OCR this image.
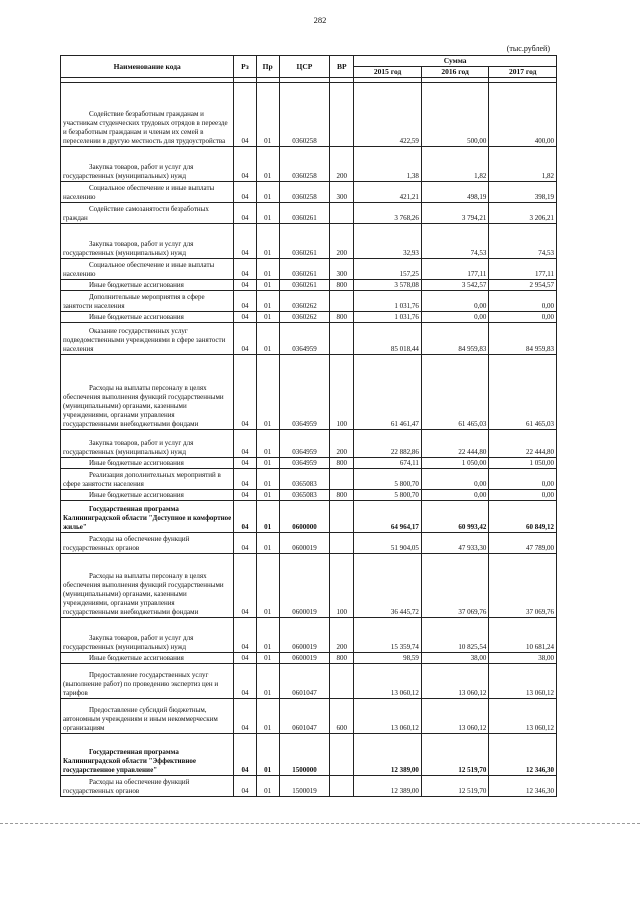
282
(тыс.рублей)
Наименование кода	Рз	Пр	ЦСР	ВР	Сумма		
					2015 год	2016 год	2017 год

Содействие безработным гражданам и участникам студенческих трудовых отрядов в переезде и безработным гражданам и членам их семей в переселении в другую местность для трудоустройства	04	01	0360258		422,59	500,00	400,00

Закупка товаров, работ и услуг для государственных (муниципальных) нужд	04	01	0360258	200	1,38	1,82	1,82

Социальное обеспечение и иные выплаты населению	04	01	0360258	300	421,21	498,19	398,19

Содействие самозанятости безработных граждан	04	01	0360261		3 768,26	3 794,21	3 206,21

Закупка товаров, работ и услуг для государственных (муниципальных) нужд	04	01	0360261	200	32,93	74,53	74,53

Социальное обеспечение и иные выплаты населению	04	01	0360261	300	157,25	177,11	177,11

Иные бюджетные ассигнования	04	01	0360261	800	3 578,08	3 542,57	2 954,57

Дополнительные мероприятия в сфере занятости населения	04	01	0360262		1 031,76	0,00	0,00

Иные бюджетные ассигнования	04	01	0360262	800	1 031,76	0,00	0,00

Оказание государственных услуг подведомственными учреждениями в сфере занятости населения	04	01	0364959		85 018,44	84 959,83	84 959,83

Расходы на выплаты персоналу в целях обеспечения выполнения функций государственными (муниципальными) органами, казенными учреждениями, органами управления государственными внебюджетными фондами	04	01	0364959	100	61 461,47	61 465,03	61 465,03

Закупка товаров, работ и услуг для государственных (муниципальных) нужд	04	01	0364959	200	22 882,86	22 444,80	22 444,80

Иные бюджетные ассигнования	04	01	0364959	800	674,11	1 050,00	1 050,00

Реализация дополнительных мероприятий в сфере занятости населения	04	01	0365083		5 800,70	0,00	0,00

Иные бюджетные ассигнования	04	01	0365083	800	5 800,70	0,00	0,00

Государственная программа Калининградской области "Доступное и комфортное жилье"	04	01	0600000		64 964,17	60 993,42	60 849,12

Расходы на обеспечение функций государственных органов	04	01	0600019		51 904,05	47 933,30	47 789,00

Расходы на выплаты персоналу в целях обеспечения выполнения функций государственными (муниципальными) органами, казенными учреждениями, органами управления государственными внебюджетными фондами	04	01	0600019	100	36 445,72	37 069,76	37 069,76

Закупка товаров, работ и услуг для государственных (муниципальных) нужд	04	01	0600019	200	15 359,74	10 825,54	10 681,24

Иные бюджетные ассигнования	04	01	0600019	800	98,59	38,00	38,00

Предоставление государственных услуг (выполнение работ) по проведению экспертиз цен и тарифов	04	01	0601047		13 060,12	13 060,12	13 060,12

Предоставление субсидий бюджетным, автономным учреждениям и иным некоммерческим организациям	04	01	0601047	600	13 060,12	13 060,12	13 060,12

Государственная программа Калининградской области "Эффективное государственное управление"	04	01	1500000		12 389,00	12 519,70	12 346,30

Расходы на обеспечение функций государственных органов	04	01	1500019		12 389,00	12 519,70	12 346,30
